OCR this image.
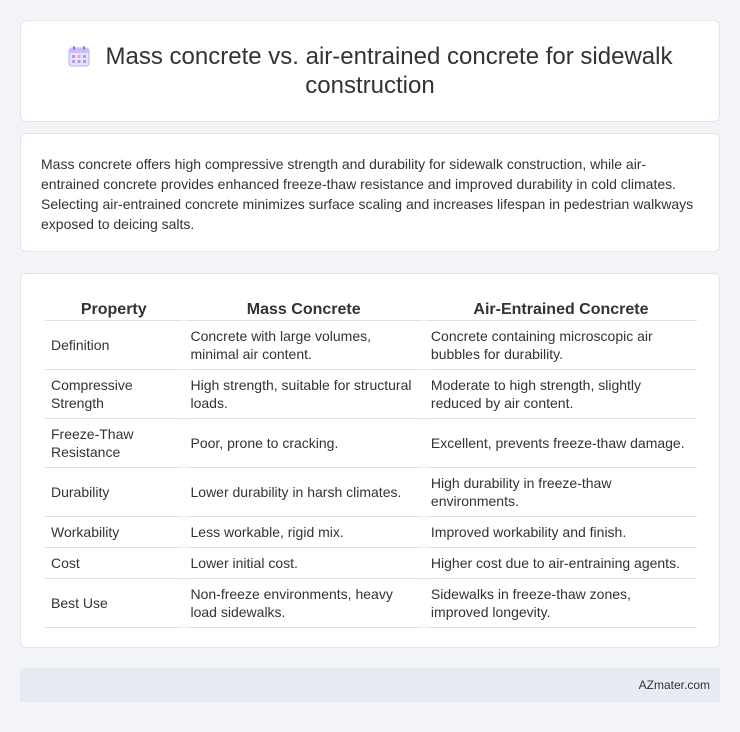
Mass concrete vs. air-entrained concrete for sidewalk construction

Mass concrete offers high compressive strength and durability for sidewalk construction, while air-entrained concrete provides enhanced freeze-thaw resistance and improved durability in cold climates. Selecting air-entrained concrete minimizes surface scaling and increases lifespan in pedestrian walkways exposed to deicing salts.

Property	Mass Concrete	Air-Entrained Concrete
Definition	Concrete with large volumes, minimal air content.	Concrete containing microscopic air bubbles for durability.
Compressive Strength	High strength, suitable for structural loads.	Moderate to high strength, slightly reduced by air content.
Freeze-Thaw Resistance	Poor, prone to cracking.	Excellent, prevents freeze-thaw damage.
Durability	Lower durability in harsh climates.	High durability in freeze-thaw environments.
Workability	Less workable, rigid mix.	Improved workability and finish.
Cost	Lower initial cost.	Higher cost due to air-entraining agents.
Best Use	Non-freeze environments, heavy load sidewalks.	Sidewalks in freeze-thaw zones, improved longevity.
AZmater.com
